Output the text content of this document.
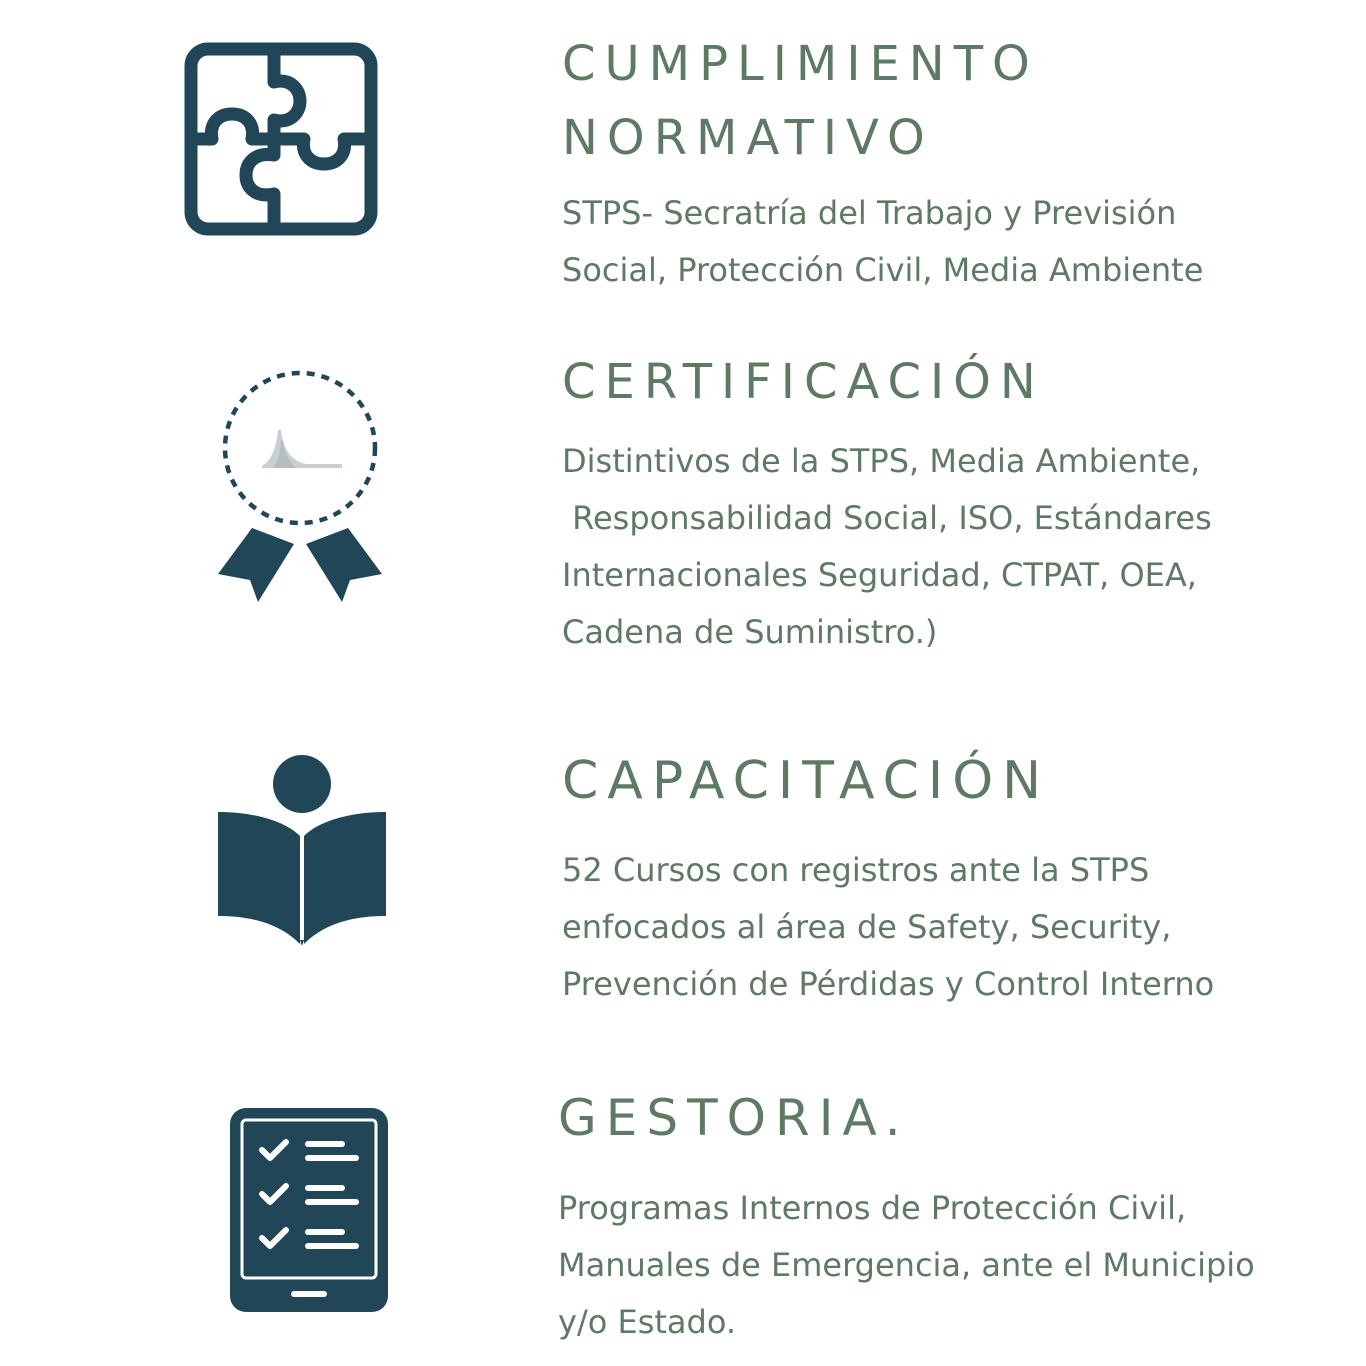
CUMPLIMIENTO
NORMATIVO

STPS- Secratría del Trabajo y Previsión
Social, Protección Civil, Media Ambiente

CERTIFICACIÓN

Distintivos de la STPS, Media Ambiente,
Responsabilidad Social, ISO, Estándares
Internacionales Seguridad, CTPAT, OEA,
Cadena de Suministro.)

CAPACITACIÓN

52 Cursos con registros ante la STPS
enfocados al área de Safety, Security,
Prevención de Pérdidas y Control Interno

GESTORIA.

Programas Internos de Protección Civil,
Manuales de Emergencia, ante el Municipio
y/o Estado.
